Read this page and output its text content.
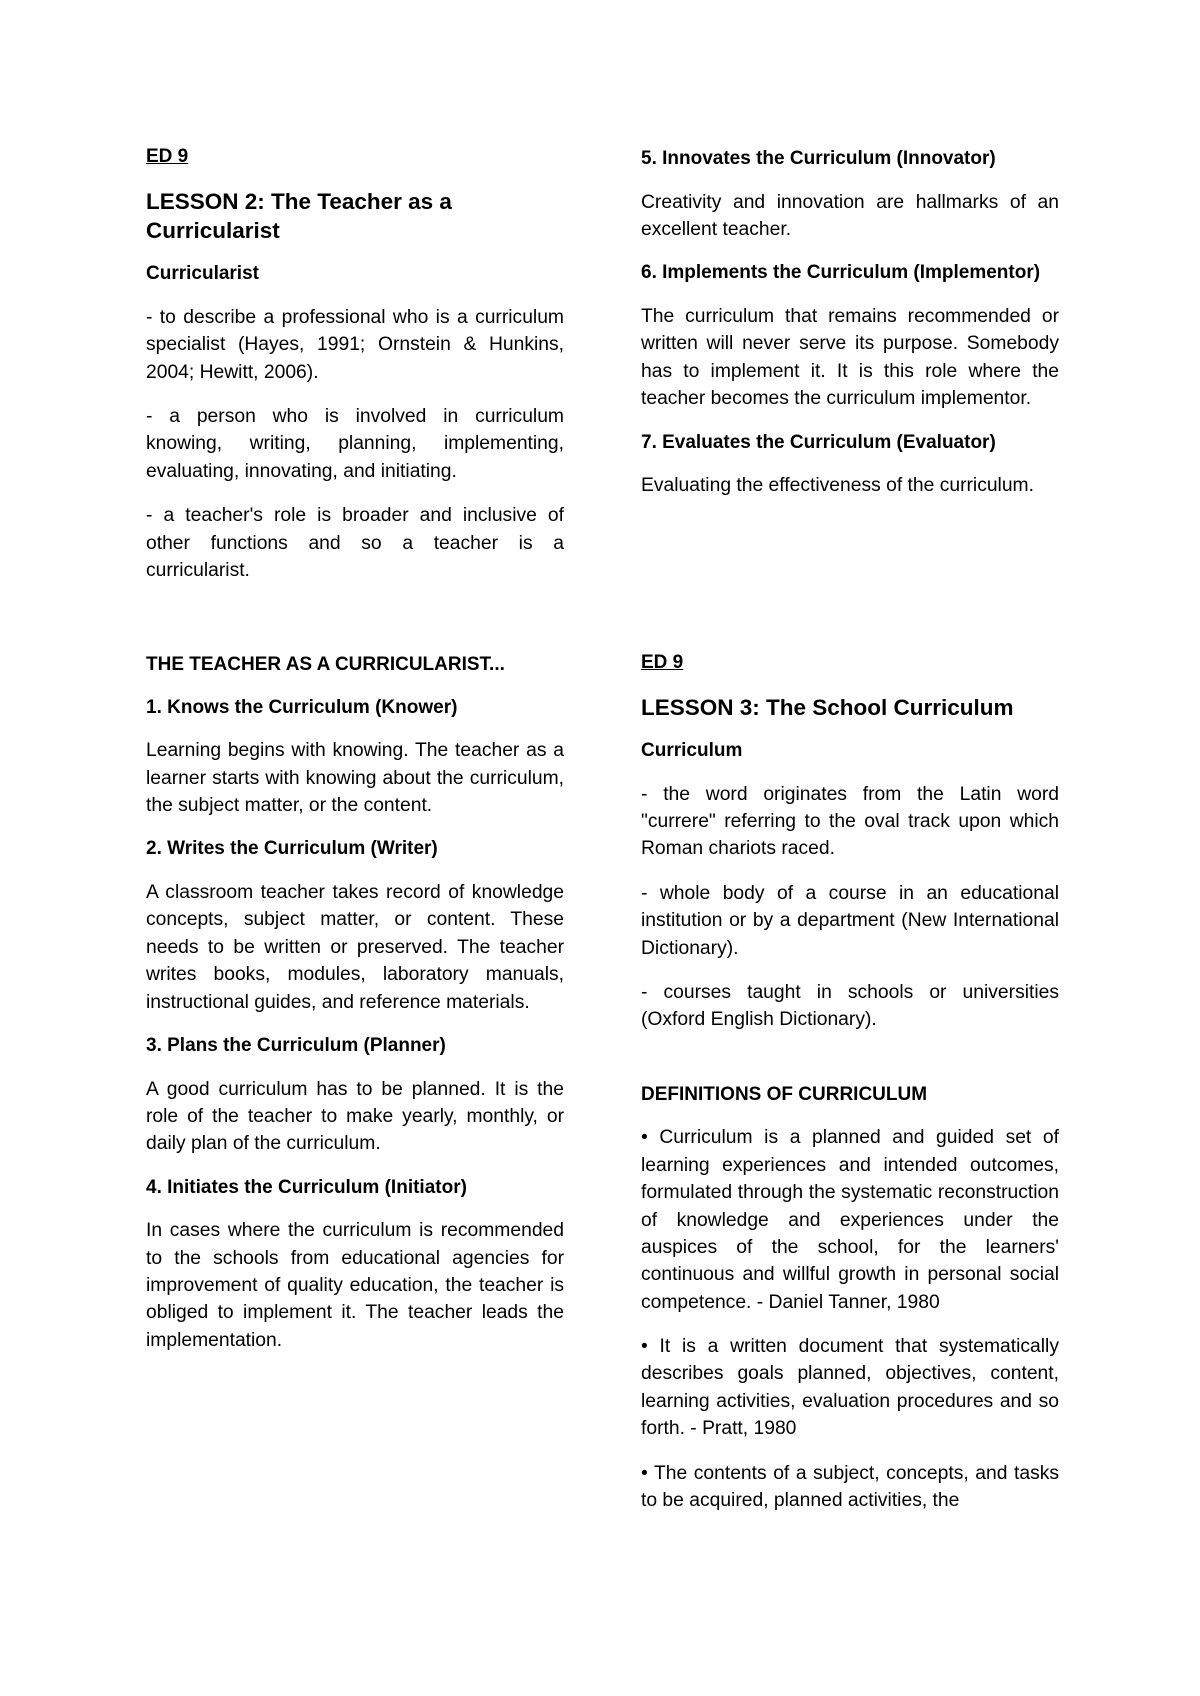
ED 9

LESSON 2: The Teacher as a Curricularist

Curricularist

- to describe a professional who is a curriculum specialist (Hayes, 1991; Ornstein & Hunkins, 2004; Hewitt, 2006).

- a person who is involved in curriculum knowing, writing, planning, implementing, evaluating, innovating, and initiating.

- a teacher's role is broader and inclusive of other functions and so a teacher is a curricularist.

5. Innovates the Curriculum (Innovator)

Creativity and innovation are hallmarks of an excellent teacher.

6. Implements the Curriculum (Implementor)

The curriculum that remains recommended or written will never serve its purpose. Somebody has to implement it. It is this role where the teacher becomes the curriculum implementor.

7. Evaluates the Curriculum (Evaluator)

Evaluating the effectiveness of the curriculum.

THE TEACHER AS A CURRICULARIST...

1. Knows the Curriculum (Knower)

Learning begins with knowing. The teacher as a learner starts with knowing about the curriculum, the subject matter, or the content.

2. Writes the Curriculum (Writer)

A classroom teacher takes record of knowledge concepts, subject matter, or content. These needs to be written or preserved. The teacher writes books, modules, laboratory manuals, instructional guides, and reference materials.

3. Plans the Curriculum (Planner)

A good curriculum has to be planned. It is the role of the teacher to make yearly, monthly, or daily plan of the curriculum.

4. Initiates the Curriculum (Initiator)

In cases where the curriculum is recommended to the schools from educational agencies for improvement of quality education, the teacher is obliged to implement it. The teacher leads the implementation.

ED 9

LESSON 3: The School Curriculum

Curriculum

- the word originates from the Latin word "currere" referring to the oval track upon which Roman chariots raced.

- whole body of a course in an educational institution or by a department (New International Dictionary).

- courses taught in schools or universities (Oxford English Dictionary).

DEFINITIONS OF CURRICULUM

• Curriculum is a planned and guided set of learning experiences and intended outcomes, formulated through the systematic reconstruction of knowledge and experiences under the auspices of the school, for the learners' continuous and willful growth in personal social competence. - Daniel Tanner, 1980

• It is a written document that systematically describes goals planned, objectives, content, learning activities, evaluation procedures and so forth. - Pratt, 1980

• The contents of a subject, concepts, and tasks to be acquired, planned activities, the
